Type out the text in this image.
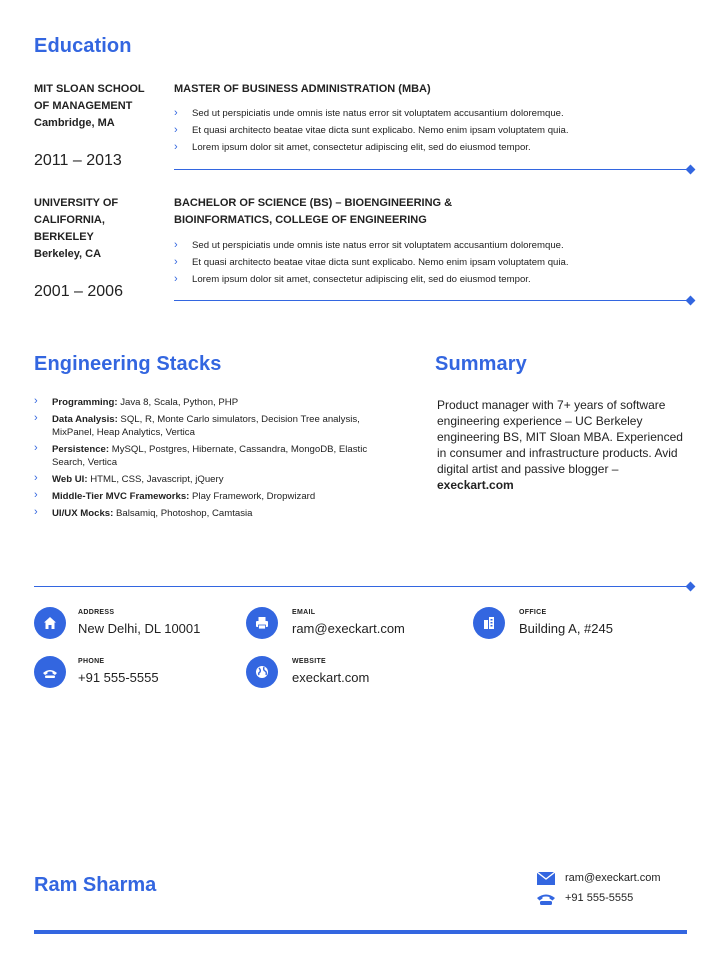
Education
MIT SLOAN SCHOOL
OF MANAGEMENT
Cambridge, MA
2011 – 2013
MASTER OF BUSINESS ADMINISTRATION (MBA)
› Sed ut perspiciatis unde omnis iste natus error sit voluptatem accusantium doloremque.
› Et quasi architecto beatae vitae dicta sunt explicabo. Nemo enim ipsam voluptatem quia.
› Lorem ipsum dolor sit amet, consectetur adipiscing elit, sed do eiusmod tempor.
UNIVERSITY OF
CALIFORNIA,
BERKELEY
Berkeley, CA
2001 – 2006
BACHELOR OF SCIENCE (BS) – BIOENGINEERING &
BIOINFORMATICS, COLLEGE OF ENGINEERING
› Sed ut perspiciatis unde omnis iste natus error sit voluptatem accusantium doloremque.
› Et quasi architecto beatae vitae dicta sunt explicabo. Nemo enim ipsam voluptatem quia.
› Lorem ipsum dolor sit amet, consectetur adipiscing elit, sed do eiusmod tempor.
Engineering Stacks
› Programming: Java 8, Scala, Python, PHP
› Data Analysis: SQL, R, Monte Carlo simulators, Decision Tree analysis, MixPanel, Heap Analytics, Vertica
› Persistence: MySQL, Postgres, Hibernate, Cassandra, MongoDB, Elastic Search, Vertica
› Web UI: HTML, CSS, Javascript, jQuery
› Middle-Tier MVC Frameworks: Play Framework, Dropwizard
› UI/UX Mocks: Balsamiq, Photoshop, Camtasia
Summary
Product manager with 7+ years of software engineering experience – UC Berkeley engineering BS, MIT Sloan MBA. Experienced in consumer and infrastructure products. Avid digital artist and passive blogger – execkart.com
ADDRESS
New Delhi, DL 10001
EMAIL
ram@execkart.com
OFFICE
Building A, #245
PHONE
+91 555-5555
WEBSITE
execkart.com
Ram Sharma	ram@execkart.com
+91 555-5555
